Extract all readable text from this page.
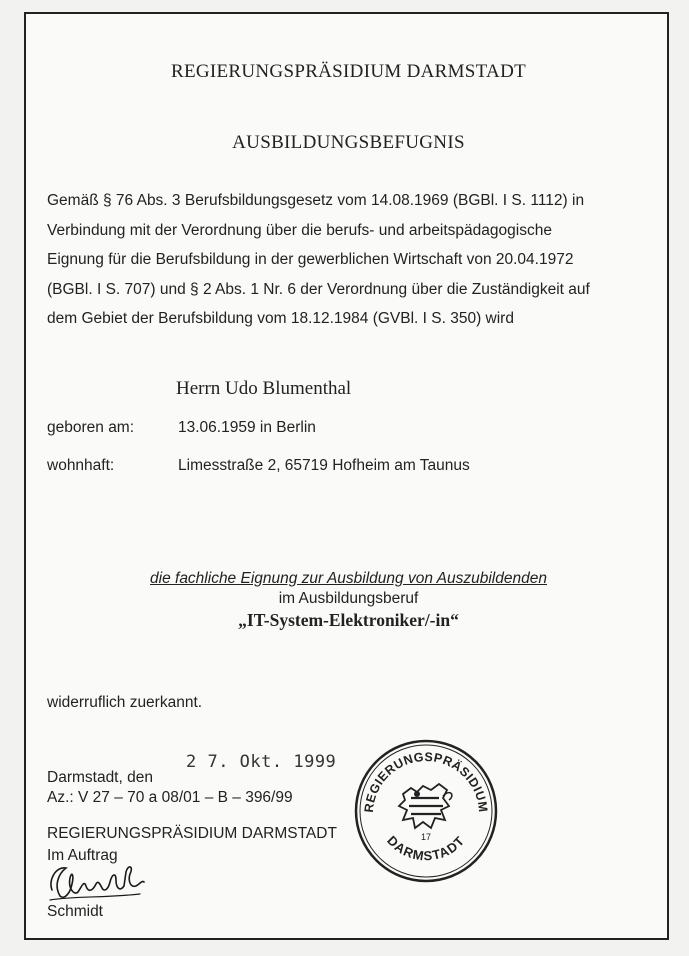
REGIERUNGSPRÄSIDIUM DARMSTADT
AUSBILDUNGSBEFUGNIS
Gemäß § 76 Abs. 3 Berufsbildungsgesetz vom 14.08.1969 (BGBl. I S. 1112) in
Verbindung mit der Verordnung über die berufs- und arbeitspädagogische
Eignung für die Berufsbildung in der gewerblichen Wirtschaft von 20.04.1972
(BGBl. I S. 707) und § 2 Abs. 1 Nr. 6 der Verordnung über die Zuständigkeit auf
dem Gebiet der Berufsbildung vom 18.12.1984 (GVBl. I S. 350) wird
Herrn Udo Blumenthal
geboren am:	13.06.1959 in Berlin
wohnhaft:	Limesstraße 2, 65719 Hofheim am Taunus
die fachliche Eignung zur Ausbildung von Auszubildenden
im Ausbildungsberuf
„IT-System-Elektroniker/-in“
widerruflich zuerkannt.
2 7. Okt. 1999
Darmstadt, den
Az.: V 27 – 70 a 08/01 – B – 396/99
REGIERUNGSPRÄSIDIUM DARMSTADT
Im Auftrag
Schmidt
REGIERUNGSPRÄSIDIUM
DARMSTADT
17
